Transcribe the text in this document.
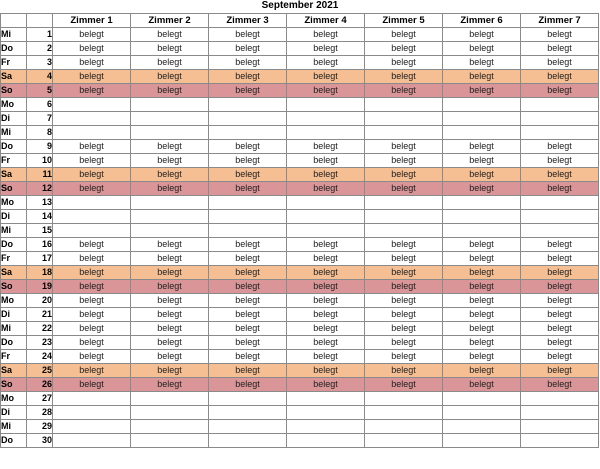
September 2021
		Zimmer 1	Zimmer 2	Zimmer 3	Zimmer 4	Zimmer 5	Zimmer 6	Zimmer 7
Mi	1	belegt	belegt	belegt	belegt	belegt	belegt	belegt
Do	2	belegt	belegt	belegt	belegt	belegt	belegt	belegt
Fr	3	belegt	belegt	belegt	belegt	belegt	belegt	belegt
Sa	4	belegt	belegt	belegt	belegt	belegt	belegt	belegt
So	5	belegt	belegt	belegt	belegt	belegt	belegt	belegt
Mo	6							
Di	7							
Mi	8							
Do	9	belegt	belegt	belegt	belegt	belegt	belegt	belegt
Fr	10	belegt	belegt	belegt	belegt	belegt	belegt	belegt
Sa	11	belegt	belegt	belegt	belegt	belegt	belegt	belegt
So	12	belegt	belegt	belegt	belegt	belegt	belegt	belegt
Mo	13							
Di	14							
Mi	15							
Do	16	belegt	belegt	belegt	belegt	belegt	belegt	belegt
Fr	17	belegt	belegt	belegt	belegt	belegt	belegt	belegt
Sa	18	belegt	belegt	belegt	belegt	belegt	belegt	belegt
So	19	belegt	belegt	belegt	belegt	belegt	belegt	belegt
Mo	20	belegt	belegt	belegt	belegt	belegt	belegt	belegt
Di	21	belegt	belegt	belegt	belegt	belegt	belegt	belegt
Mi	22	belegt	belegt	belegt	belegt	belegt	belegt	belegt
Do	23	belegt	belegt	belegt	belegt	belegt	belegt	belegt
Fr	24	belegt	belegt	belegt	belegt	belegt	belegt	belegt
Sa	25	belegt	belegt	belegt	belegt	belegt	belegt	belegt
So	26	belegt	belegt	belegt	belegt	belegt	belegt	belegt
Mo	27							
Di	28							
Mi	29							
Do	30							
